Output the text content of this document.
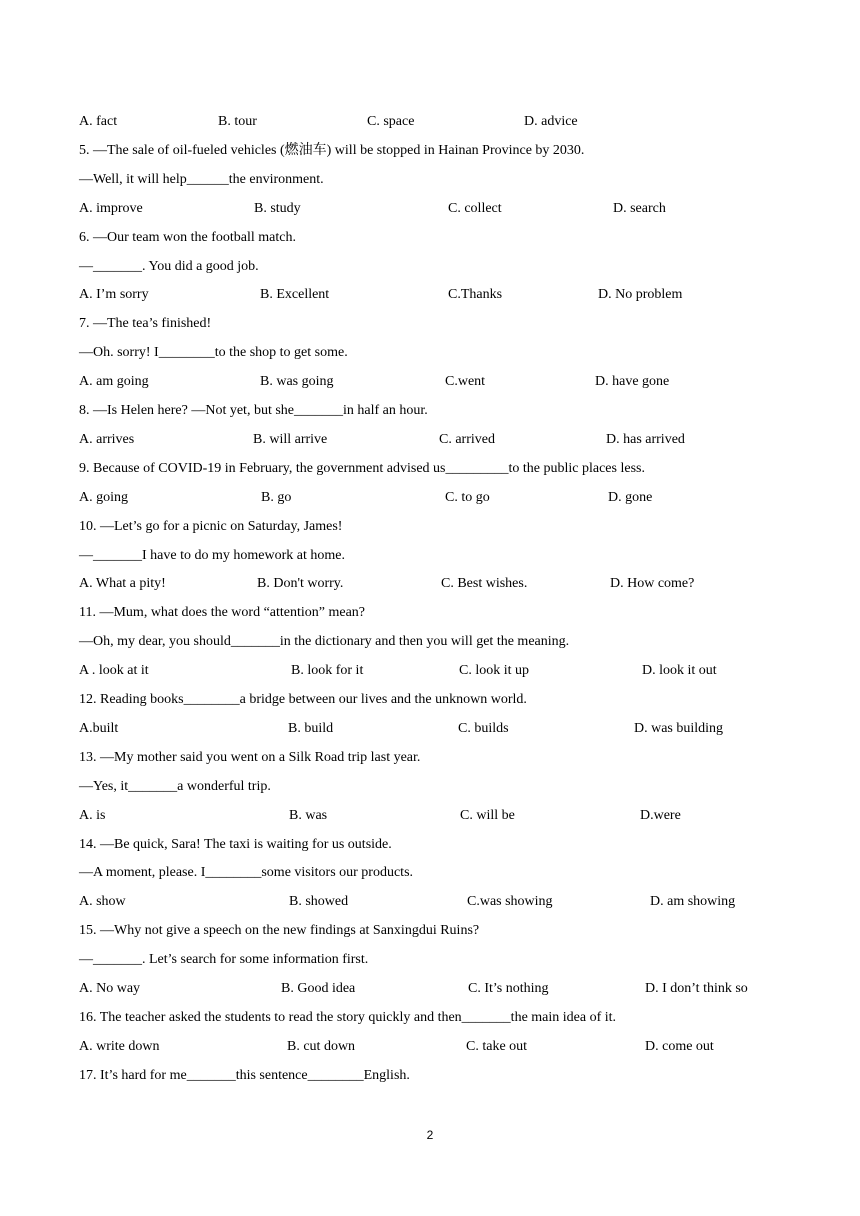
A. fact	B. tour	C. space	D. advice
5. —The sale of oil-fueled vehicles (燃油车) will be stopped in Hainan Province by 2030.
—Well, it will help______the environment.
A. improve	B. study	C. collect	D. search
6. —Our team won the football match.
—_______. You did a good job.
A. I’m sorry	B. Excellent	C.Thanks	D. No problem
7. —The tea’s finished!
—Oh. sorry! I________to the shop to get some.
A. am going	B. was going	C.went	D. have gone
8. —Is Helen here? —Not yet, but she_______in half an hour.
A. arrives	B. will arrive	C. arrived	D. has arrived
9. Because of COVID-19 in February, the government advised us_________to the public places less.
A. going	B. go	C. to go	D. gone
10. —Let’s go for a picnic on Saturday, James!
—_______I have to do my homework at home.
A. What a pity!	B. Don't worry.	C. Best wishes.	D. How come?
11. —Mum, what does the word “attention” mean?
—Oh, my dear, you should_______in the dictionary and then you will get the meaning.
A . look at it	B. look for it	C. look it up	D. look it out
12. Reading books________a bridge between our lives and the unknown world.
A.built	B. build	C. builds	D. was building
13. —My mother said you went on a Silk Road trip last year.
—Yes, it_______a wonderful trip.
A. is	B. was	C. will be	D.were
14. —Be quick, Sara! The taxi is waiting for us outside.
—A moment, please. I________some visitors our products.
A. show	B. showed	C.was showing	D. am showing
15. —Why not give a speech on the new findings at Sanxingdui Ruins?
—_______. Let’s search for some information first.
A. No way	B. Good idea	C. It’s nothing	D. I don’t think so
16. The teacher asked the students to read the story quickly and then_______the main idea of it.
A. write down	B. cut down	C. take out	D. come out
17. It’s hard for me_______this sentence________English.
2
